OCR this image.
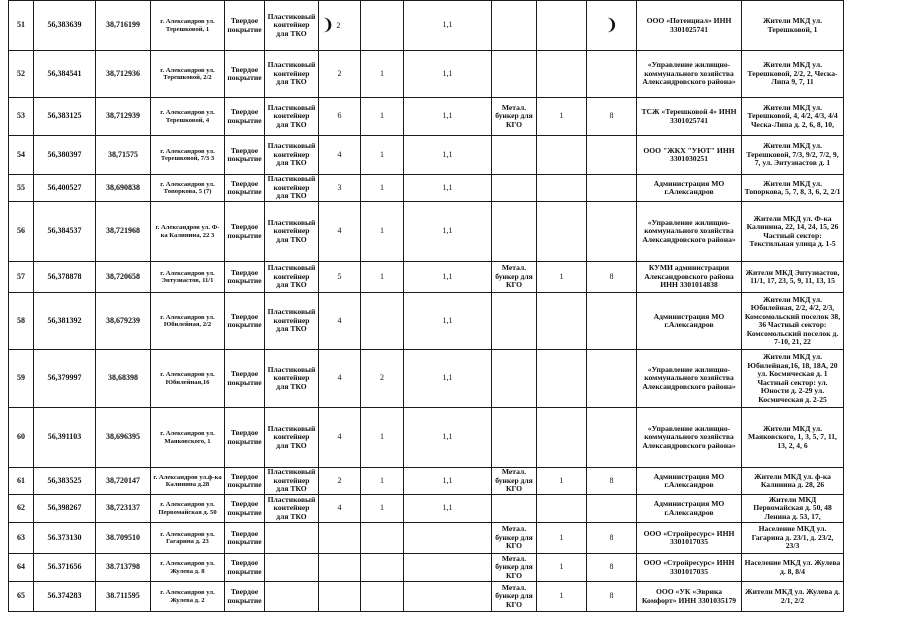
51	56,383639	38,716199	г. Александров ул. Терешковой, 1	Твердое покрытие	Пластиковый контейнер для ТКО	❩ 2		1,1			❩	ООО «Потенциал» ИНН 3301025741	Жители МКД ул. Терешковой, 1
52	56,384541	38,712936	г. Александров ул. Терешковой, 2/2	Твердое покрытие	Пластиковый контейнер для ТКО	2	1	1,1				«Управление жилищно-коммунального хозяйства Александровского района»	Жители МКД ул. Терешковой, 2/2, 2, Ческа-Липа 9, 7, 11
53	56,383125	38,712939	г. Александров ул. Терешковой, 4	Твердое покрытие	Пластиковый контейнер для ТКО	6	1	1,1	Метал. бункер для КГО	1	8	ТСЖ «Терешковой 4» ИНН 3301025741	Жители МКД ул. Терешковой, 4, 4/2, 4/3, 4/4 Ческа-Липа д. 2, 6, 8, 10,
54	56,380397	38,71575	г. Александров ул. Терешковой, 7/3 3	Твердое покрытие	Пластиковый контейнер для ТКО	4	1	1,1				ООО "ЖКХ "УЮТ" ИНН 3301030251	Жители МКД ул. Терешковой, 7/3, 9/2, 7/2, 9, 7, ул. Энтузиастов д. 1
55	56,400527	38,690838	г. Александров ул. Топоркова, 5 (7)	Твердое покрытие	Пластиковый контейнер для ТКО	3	1	1,1				Администрация МО г.Александров	Жители МКД ул. Топоркова, 5, 7, 8, 3, 6, 2, 2/1
56	56,384537	38,721968	г. Александров ул. Ф-ка Калинина, 22 3	Твердое покрытие	Пластиковый контейнер для ТКО	4	1	1,1				«Управление жилищно-коммунального хозяйства Александровского района»	Жители МКД ул. Ф-ка Калинина, 22, 14, 24, 15, 26 Частный сектор: Текстильная улица д. 1-5
57	56,378878	38,720658	г. Александров ул. Энтузиастов, 11/1	Твердое покрытие	Пластиковый контейнер для ТКО	5	1	1,1	Метал. бункер для КГО	1	8	КУМИ администрации Александровского района ИНН 3301014838	Жители МКД Энтузиастов, 11/1, 17, 23, 5, 9, 11, 13, 15
58	56,381392	38,679239	г. Александров ул. Юбилейная, 2/2	Твердое покрытие	Пластиковый контейнер для ТКО	4		1,1				Администрация МО г.Александров	Жители МКД ул. Юбилейная, 2/2, 4/2, 2/3, Комсомольский поселок 38, 36 Частный сектор: Комсомольский поселок д. 7-10, 21, 22
59	56,379997	38,68398	г. Александров ул. Юбилейная,16	Твердое покрытие	Пластиковый контейнер для ТКО	4	2	1,1				«Управление жилищно-коммунального хозяйства Александровского района»	Жители МКД ул. Юбилейная,16, 18, 18А, 20 ул. Космическая д. 1 Частный сектор: ул. Юности д. 2-29 ул. Космическая д. 2-25
60	56,391103	38,696395	г. Александров ул. Маяковского, 1	Твердое покрытие	Пластиковый контейнер для ТКО	4	1	1,1				«Управление жилищно-коммунального хозяйства Александровского района»	Жители МКД ул. Маяковского, 1, 3, 5, 7, 11, 13, 2, 4, 6
61	56,383525	38,720147	г. Александров ул.ф-ка Калинина д.28	Твердое покрытие	Пластиковый контейнер для ТКО	2	1	1,1	Метал. бункер для КГО	1	8	Администрация МО г.Александров	Жители МКД ул. ф-ка Калинина д. 28, 26
62	56,398267	38,723137	г. Александров ул. Первомайская д. 50	Твердое покрытие	Пластиковый контейнер для ТКО	4	1	1,1				Администрация МО г.Александров	Жители МКД Первомайская д. 50, 48 Ленина д. 53, 17,
63	56.373130	38.709510	г. Александров ул. Гагарина д. 23	Твердое покрытие					Метал. бункер для КГО	1	8	ООО «Стройресурс» ИНН 3301017035	Население МКД ул. Гагарина д. 23/1, д. 23/2, 23/3
64	56.371656	38.713798	г. Александров ул. Жулева д. 8	Твердое покрытие					Метал. бункер для КГО	1	8	ООО «Стройресурс» ИНН 3301017035	Население МКД ул. Жулева д. 8, 8/4
65	56.374283	38.711595	г. Александров ул. Жулева д. 2	Твердое покрытие					Метал. бункер для КГО	1	8	ООО «УК «Эврика Комфорт» ИНН 3301035179	Жители МКД ул. Жулева д. 2/1, 2/2
